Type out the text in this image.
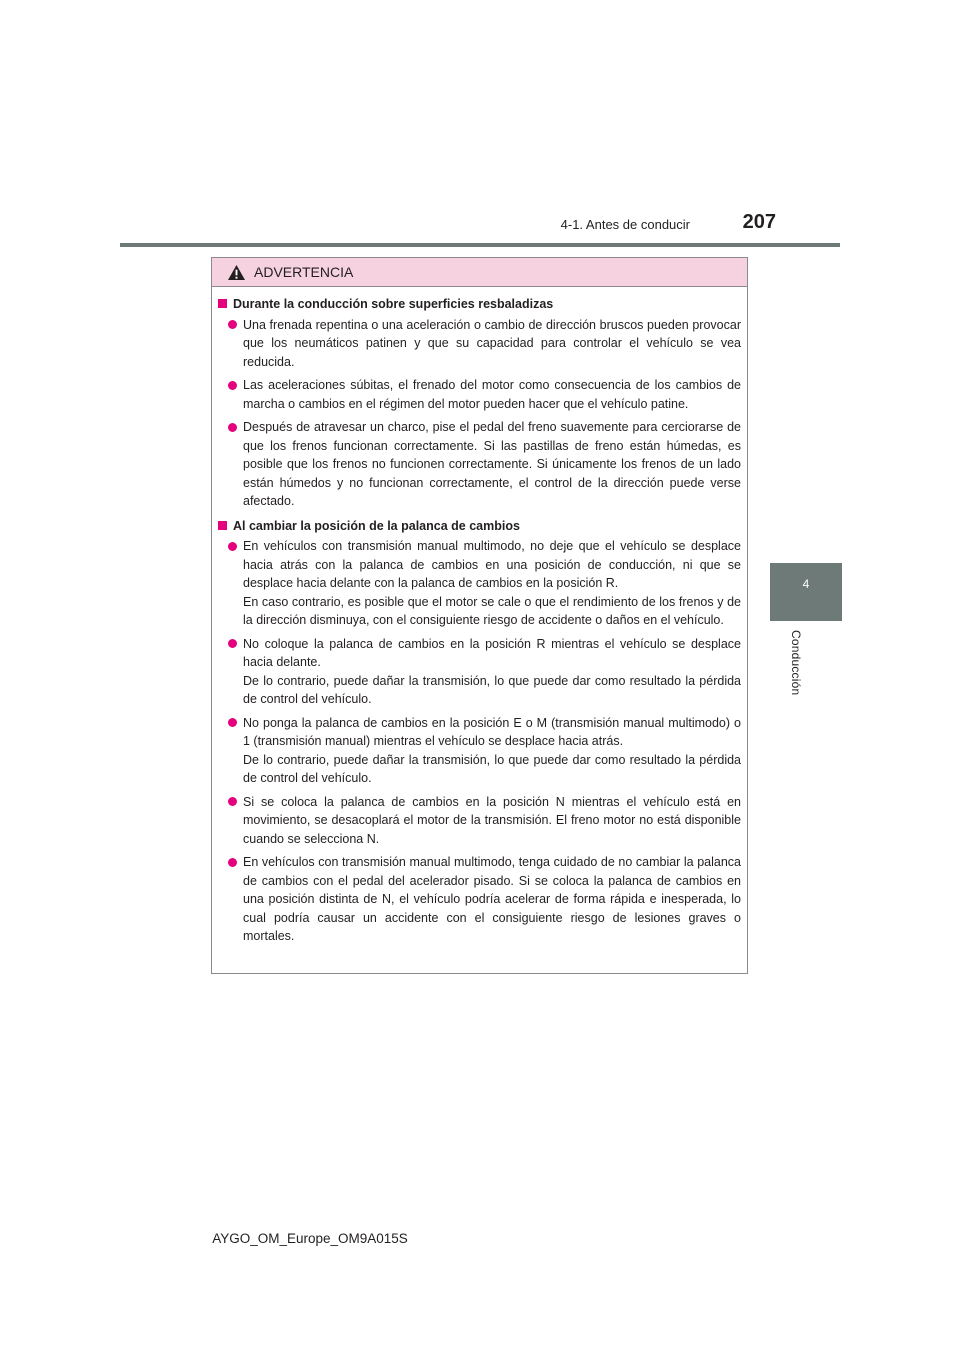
4-1. Antes de conducir	207
4
Conducción
ADVERTENCIA
Durante la conducción sobre superficies resbaladizas

Una frenada repentina o una aceleración o cambio de dirección bruscos pueden provocar que los neumáticos patinen y que su capacidad para controlar el vehículo se vea reducida.

Las aceleraciones súbitas, el frenado del motor como consecuencia de los cambios de marcha o cambios en el régimen del motor pueden hacer que el vehículo patine.

Después de atravesar un charco, pise el pedal del freno suavemente para cerciorarse de que los frenos funcionan correctamente. Si las pastillas de freno están húmedas, es posible que los frenos no funcionen correctamente. Si únicamente los frenos de un lado están húmedos y no funcionan correctamente, el control de la dirección puede verse afectado.

Al cambiar la posición de la palanca de cambios

En vehículos con transmisión manual multimodo, no deje que el vehículo se desplace hacia atrás con la palanca de cambios en una posición de conducción, ni que se desplace hacia delante con la palanca de cambios en la posición R.

En caso contrario, es posible que el motor se cale o que el rendimiento de los frenos y de la dirección disminuya, con el consiguiente riesgo de accidente o daños en el vehículo.

No coloque la palanca de cambios en la posición R mientras el vehículo se desplace hacia delante.

De lo contrario, puede dañar la transmisión, lo que puede dar como resultado la pérdida de control del vehículo.

No ponga la palanca de cambios en la posición E o M (transmisión manual multimodo) o 1 (transmisión manual) mientras el vehículo se desplace hacia atrás.

De lo contrario, puede dañar la transmisión, lo que puede dar como resultado la pérdida de control del vehículo.

Si se coloca la palanca de cambios en la posición N mientras el vehículo está en movimiento, se desacoplará el motor de la transmisión. El freno motor no está disponible cuando se selecciona N.

En vehículos con transmisión manual multimodo, tenga cuidado de no cambiar la palanca de cambios con el pedal del acelerador pisado. Si se coloca la palanca de cambios en una posición distinta de N, el vehículo podría acelerar de forma rápida e inesperada, lo cual podría causar un accidente con el consiguiente riesgo de lesiones graves o mortales.

AYGO_OM_Europe_OM9A015S
